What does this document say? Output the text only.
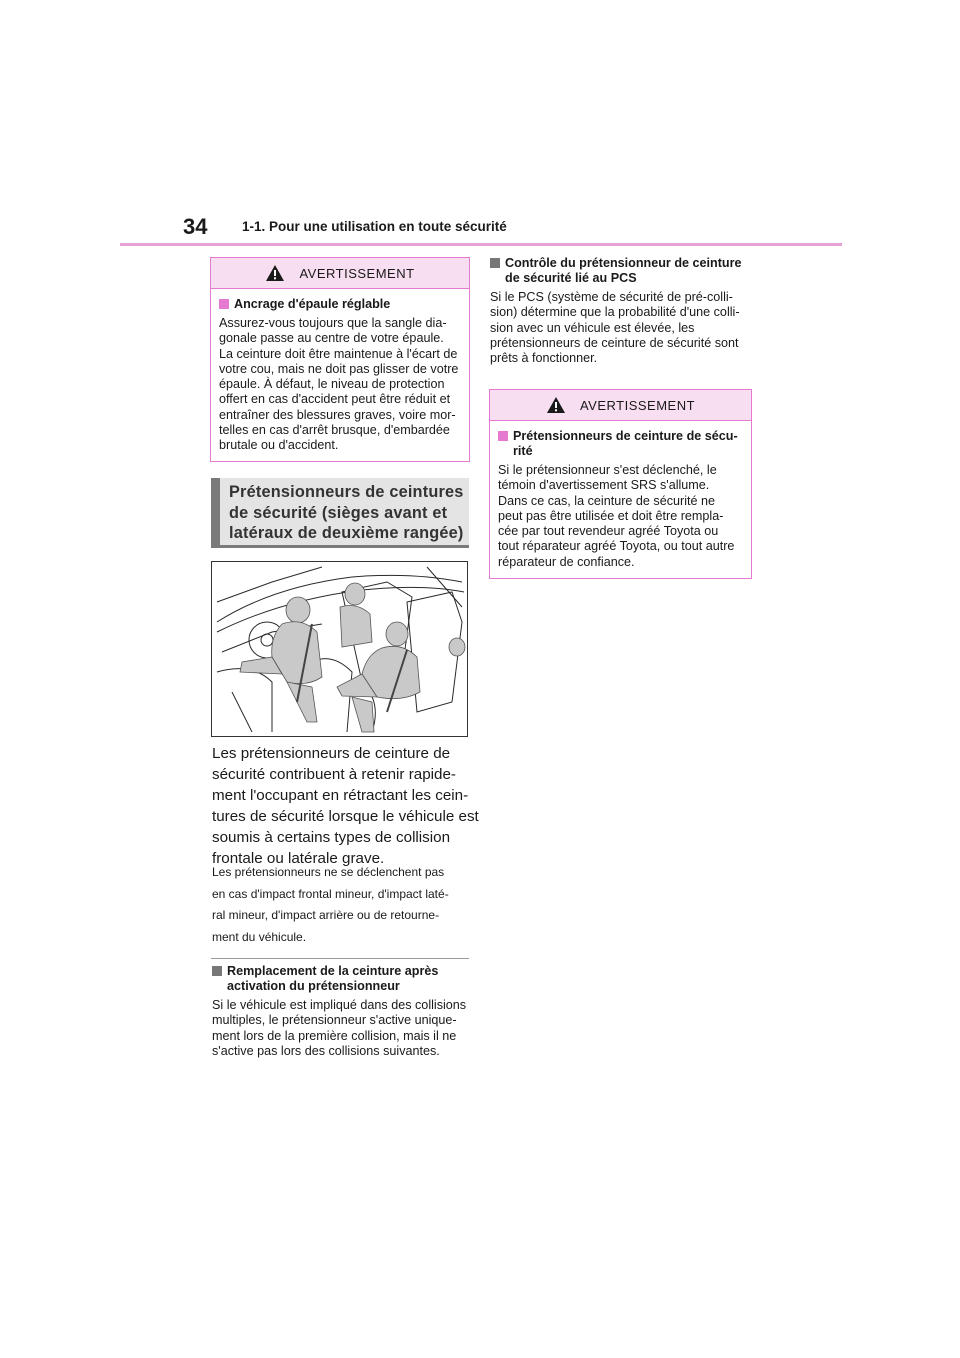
34	1-1. Pour une utilisation en toute sécurité
AVERTISSEMENT
Ancrage d'épaule réglable
Assurez-vous toujours que la sangle dia-
gonale passe au centre de votre épaule.
La ceinture doit être maintenue à l'écart de
votre cou, mais ne doit pas glisser de votre
épaule. À défaut, le niveau de protection
offert en cas d'accident peut être réduit et
entraîner des blessures graves, voire mor-
telles en cas d'arrêt brusque, d'embardée
brutale ou d'accident.
Prétensionneurs de ceintures
de sécurité (sièges avant et
latéraux de deuxième rangée)
Les prétensionneurs de ceinture de
sécurité contribuent à retenir rapide-
ment l'occupant en rétractant les cein-
tures de sécurité lorsque le véhicule est
soumis à certains types de collision
frontale ou latérale grave.
Les prétensionneurs ne se déclenchent pas
en cas d'impact frontal mineur, d'impact laté-
ral mineur, d'impact arrière ou de retourne-
ment du véhicule.
Remplacement de la ceinture après
activation du prétensionneur
Si le véhicule est impliqué dans des collisions
multiples, le prétensionneur s'active unique-
ment lors de la première collision, mais il ne
s'active pas lors des collisions suivantes.
Contrôle du prétensionneur de ceinture
de sécurité lié au PCS
Si le PCS (système de sécurité de pré-colli-
sion) détermine que la probabilité d'une colli-
sion avec un véhicule est élevée, les
prétensionneurs de ceinture de sécurité sont
prêts à fonctionner.
AVERTISSEMENT
Prétensionneurs de ceinture de sécu-
rité
Si le prétensionneur s'est déclenché, le
témoin d'avertissement SRS s'allume.
Dans ce cas, la ceinture de sécurité ne
peut pas être utilisée et doit être rempla-
cée par tout revendeur agréé Toyota ou
tout réparateur agréé Toyota, ou tout autre
réparateur de confiance.
